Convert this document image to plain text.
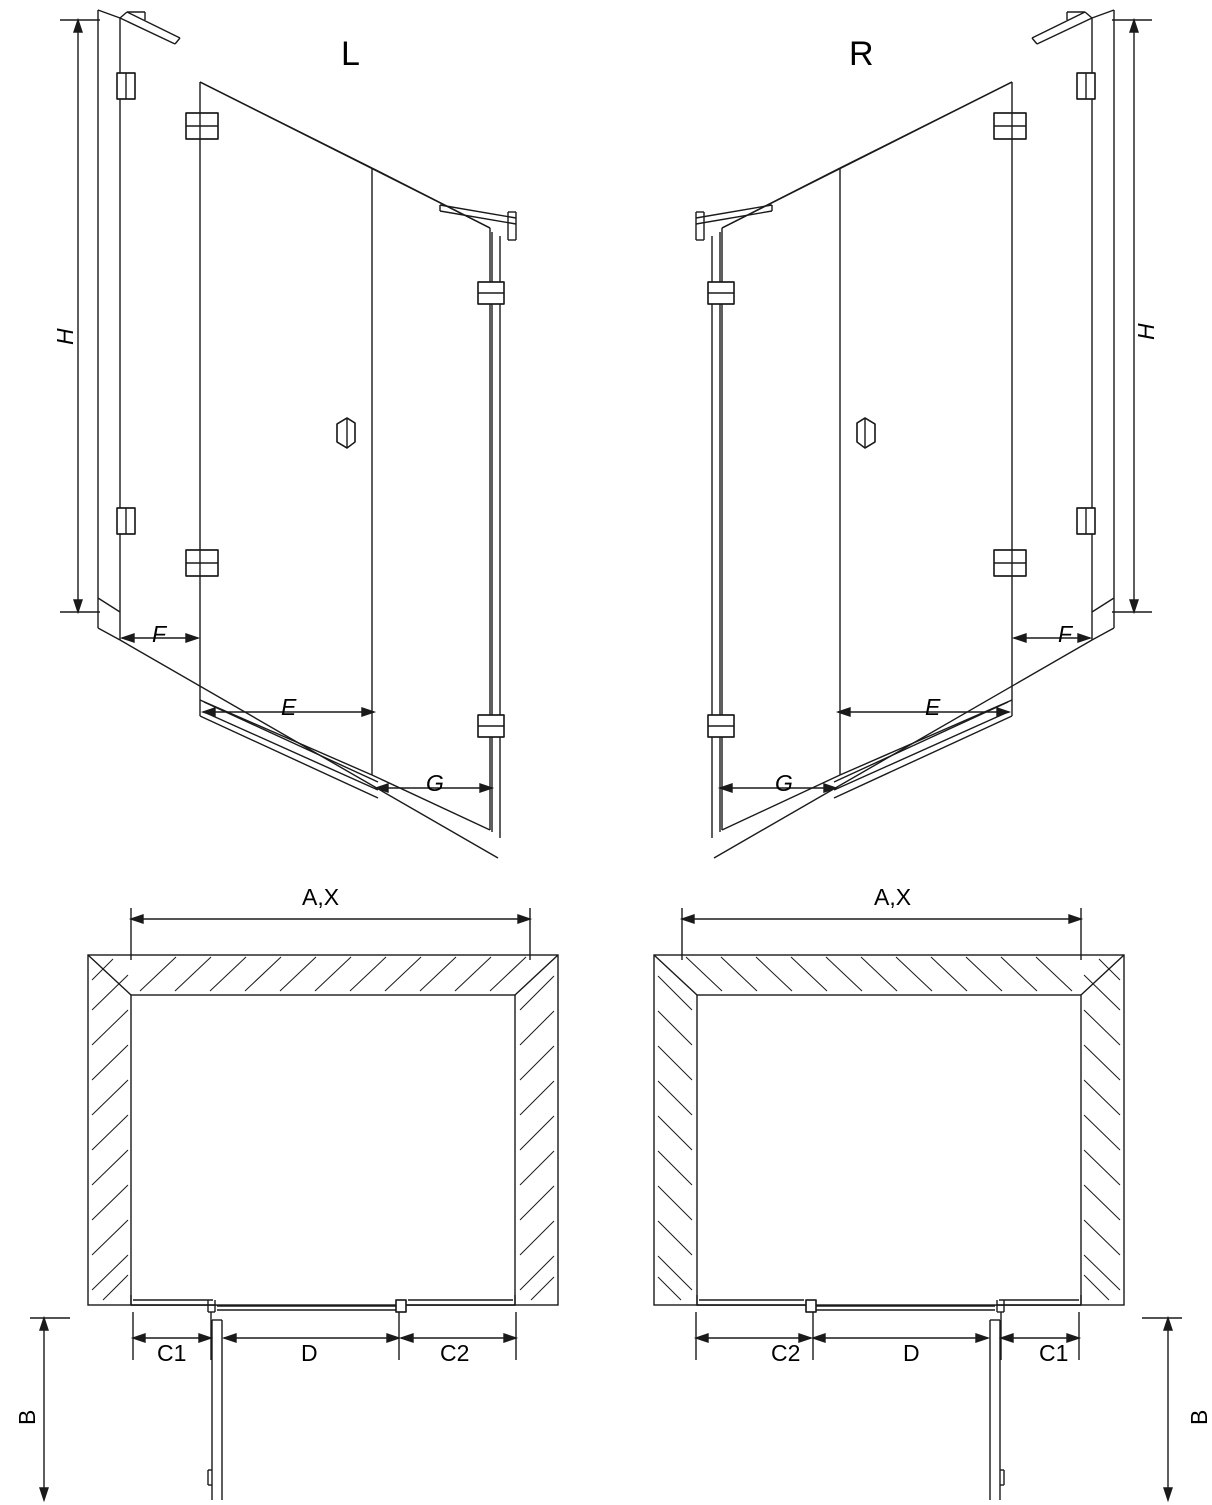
L	R
H	H
F
E
G
F
E
G
A,X	A,X
C1	D	C2	C2	D	C1
B	B
